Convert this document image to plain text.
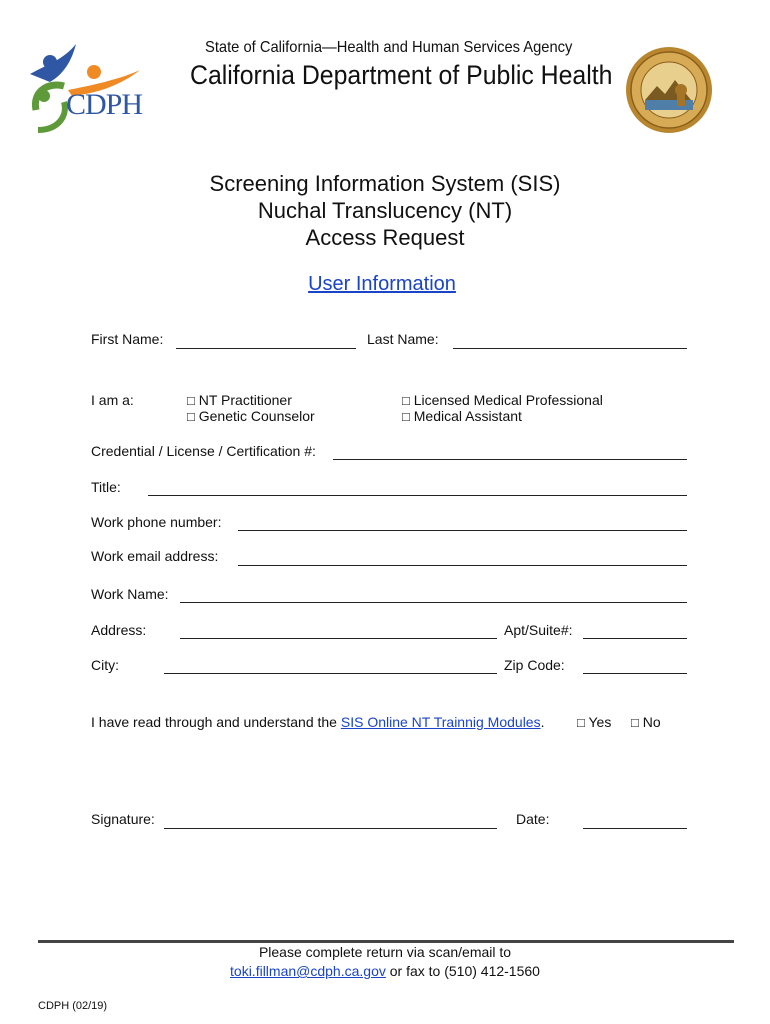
CDPH
State of California—Health and Human Services Agency
California Department of Public Health
Screening Information System (SIS)
Nuchal Translucency (NT)
Access Request
User Information
First Name:	Last Name:
I am a:	□ NT Practitioner
□ Genetic Counselor
□ Licensed Medical Professional
□ Medical Assistant
Credential / License / Certification #:
Title:
Work phone number:
Work email address:
Work Name:
Address:	Apt/Suite#:
City:	Zip Code:
I have read through and understand the SIS Online NT Trainnig Modules.	□ Yes □ No
Signature:	Date:
Please complete return via scan/email to
toki.fillman@cdph.ca.gov or fax to (510) 412-1560
CDPH (02/19)
